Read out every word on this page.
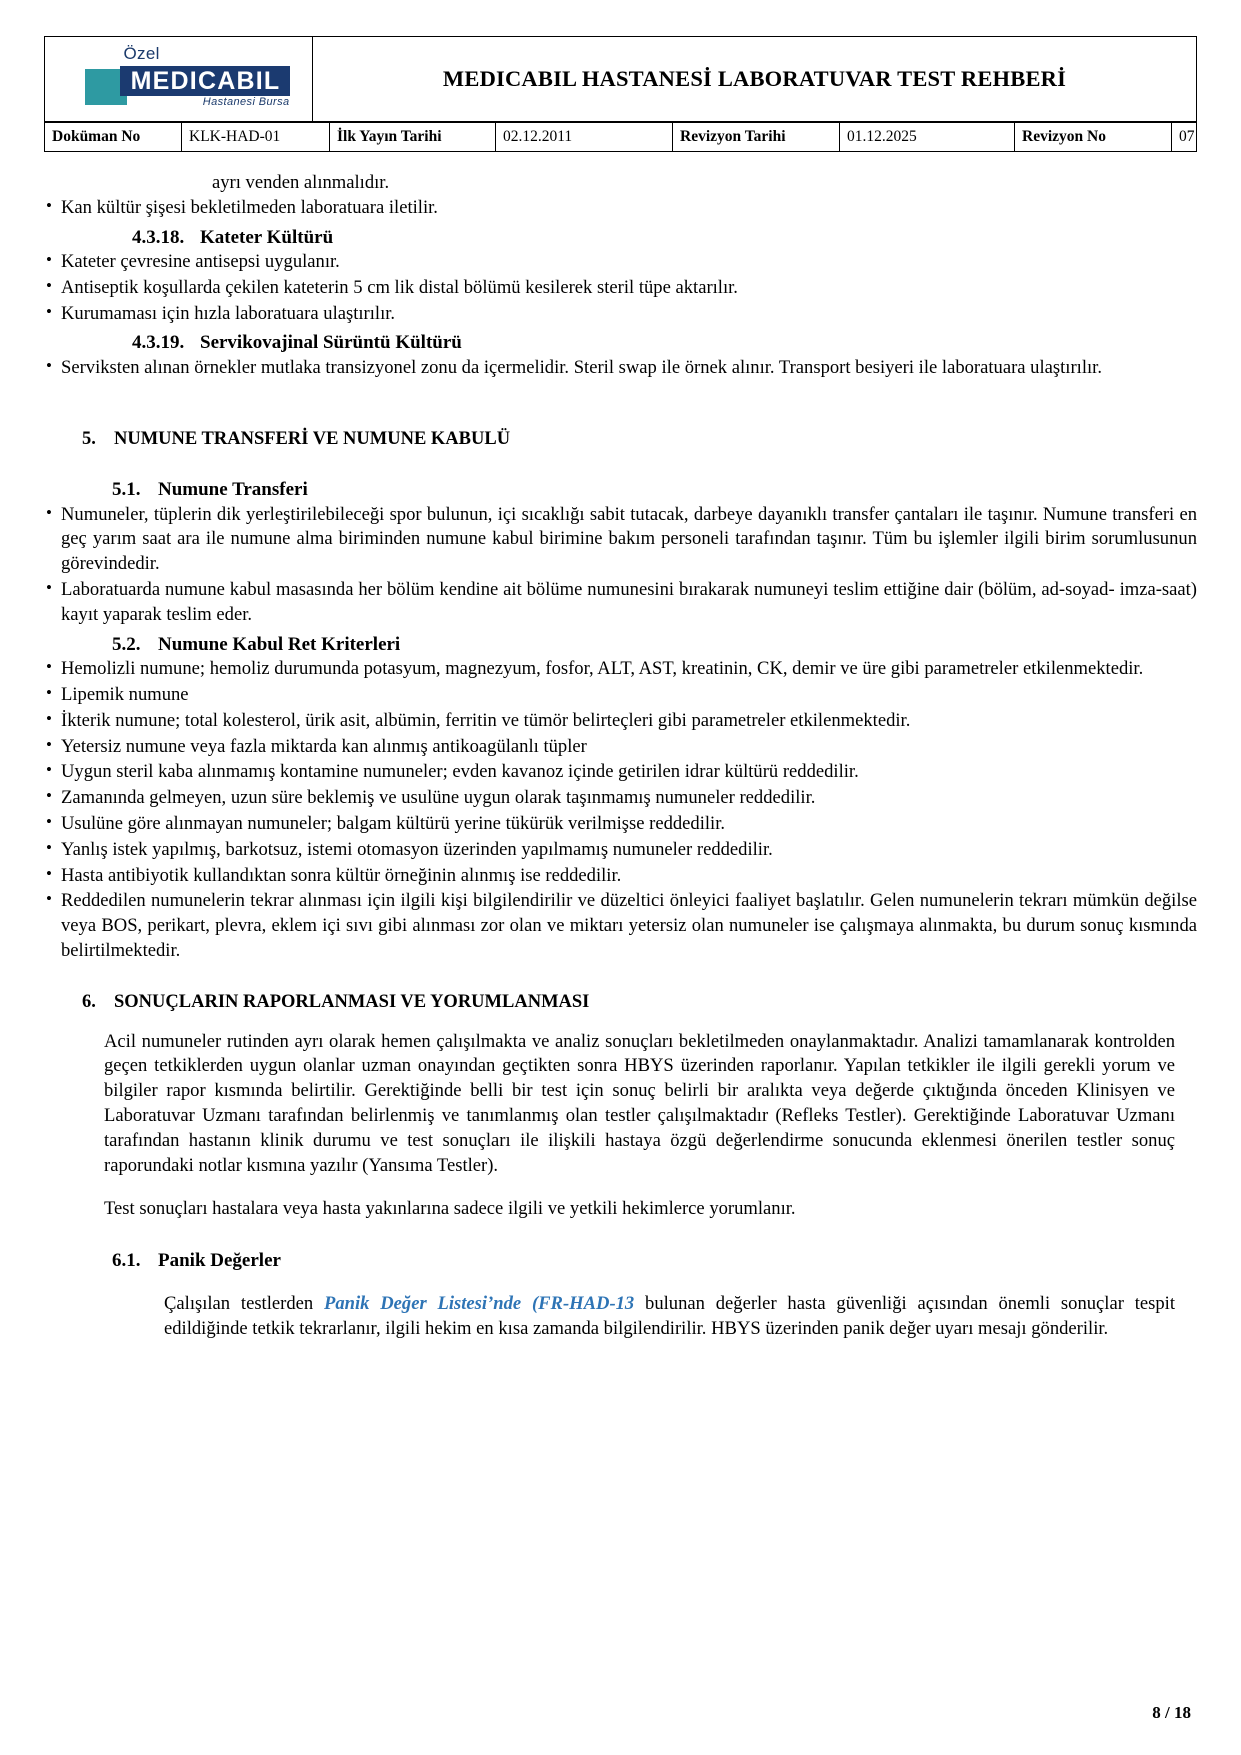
Özel
MEDICABIL
Hastanesi Bursa
	MEDICABIL HASTANESİ LABORATUVAR TEST REHBERİ
Doküman No	KLK-HAD-01	İlk Yayın Tarihi	02.12.2011	Revizyon Tarihi	01.12.2025	Revizyon No	07
ayrı venden alınmalıdır.
• Kan kültür şişesi bekletilmeden laboratuara iletilir.
4.3.18. Kateter Kültürü
• Kateter çevresine antisepsi uygulanır.
• Antiseptik koşullarda çekilen kateterin 5 cm lik distal bölümü kesilerek steril tüpe aktarılır.
• Kurumaması için hızla laboratuara ulaştırılır.
4.3.19. Servikovajinal Sürüntü Kültürü
• Serviksten alınan örnekler mutlaka transizyonel zonu da içermelidir. Steril swap ile örnek alınır. Transport besiyeri ile laboratuara ulaştırılır.
5. NUMUNE TRANSFERİ VE NUMUNE KABULÜ
5.1. Numune Transferi
• Numuneler, tüplerin dik yerleştirilebileceği spor bulunun, içi sıcaklığı sabit tutacak, darbeye dayanıklı transfer çantaları ile taşınır. Numune transferi en geç yarım saat ara ile numune alma biriminden numune kabul birimine bakım personeli tarafından taşınır. Tüm bu işlemler ilgili birim sorumlusunun görevindedir.
• Laboratuarda numune kabul masasında her bölüm kendine ait bölüme numunesini bırakarak numuneyi teslim ettiğine dair (bölüm, ad-soyad- imza-saat) kayıt yaparak teslim eder.
5.2. Numune Kabul Ret Kriterleri
• Hemolizli numune; hemoliz durumunda potasyum, magnezyum, fosfor, ALT, AST, kreatinin, CK, demir ve üre gibi parametreler etkilenmektedir.
• Lipemik numune
• İkterik numune; total kolesterol, ürik asit, albümin, ferritin ve tümör belirteçleri gibi parametreler etkilenmektedir.
• Yetersiz numune veya fazla miktarda kan alınmış antikoagülanlı tüpler
• Uygun steril kaba alınmamış kontamine numuneler; evden kavanoz içinde getirilen idrar kültürü reddedilir.
• Zamanında gelmeyen, uzun süre beklemiş ve usulüne uygun olarak taşınmamış numuneler reddedilir.
• Usulüne göre alınmayan numuneler; balgam kültürü yerine tükürük verilmişse reddedilir.
• Yanlış istek yapılmış, barkotsuz, istemi otomasyon üzerinden yapılmamış numuneler reddedilir.
• Hasta antibiyotik kullandıktan sonra kültür örneğinin alınmış ise reddedilir.
• Reddedilen numunelerin tekrar alınması için ilgili kişi bilgilendirilir ve düzeltici önleyici faaliyet başlatılır. Gelen numunelerin tekrarı mümkün değilse veya BOS, perikart, plevra, eklem içi sıvı gibi alınması zor olan ve miktarı yetersiz olan numuneler ise çalışmaya alınmakta, bu durum sonuç kısmında belirtilmektedir.
6. SONUÇLARIN RAPORLANMASI VE YORUMLANMASI

Acil numuneler rutinden ayrı olarak hemen çalışılmakta ve analiz sonuçları bekletilmeden onaylanmaktadır. Analizi tamamlanarak kontrolden geçen tetkiklerden uygun olanlar uzman onayından geçtikten sonra HBYS üzerinden raporlanır. Yapılan tetkikler ile ilgili gerekli yorum ve bilgiler rapor kısmında belirtilir. Gerektiğinde belli bir test için sonuç belirli bir aralıkta veya değerde çıktığında önceden Klinisyen ve Laboratuvar Uzmanı tarafından belirlenmiş ve tanımlanmış olan testler çalışılmaktadır (Refleks Testler). Gerektiğinde Laboratuvar Uzmanı tarafından hastanın klinik durumu ve test sonuçları ile ilişkili hastaya özgü değerlendirme sonucunda eklenmesi önerilen testler sonuç raporundaki notlar kısmına yazılır (Yansıma Testler).

Test sonuçları hastalara veya hasta yakınlarına sadece ilgili ve yetkili hekimlerce yorumlanır.

6.1. Panik Değerler

Çalışılan testlerden Panik Değer Listesi’nde (FR-HAD-13 bulunan değerler hasta güvenliği açısından önemli sonuçlar tespit edildiğinde tetkik tekrarlanır, ilgili hekim en kısa zamanda bilgilendirilir. HBYS üzerinden panik değer uyarı mesajı gönderilir.

8 / 18
